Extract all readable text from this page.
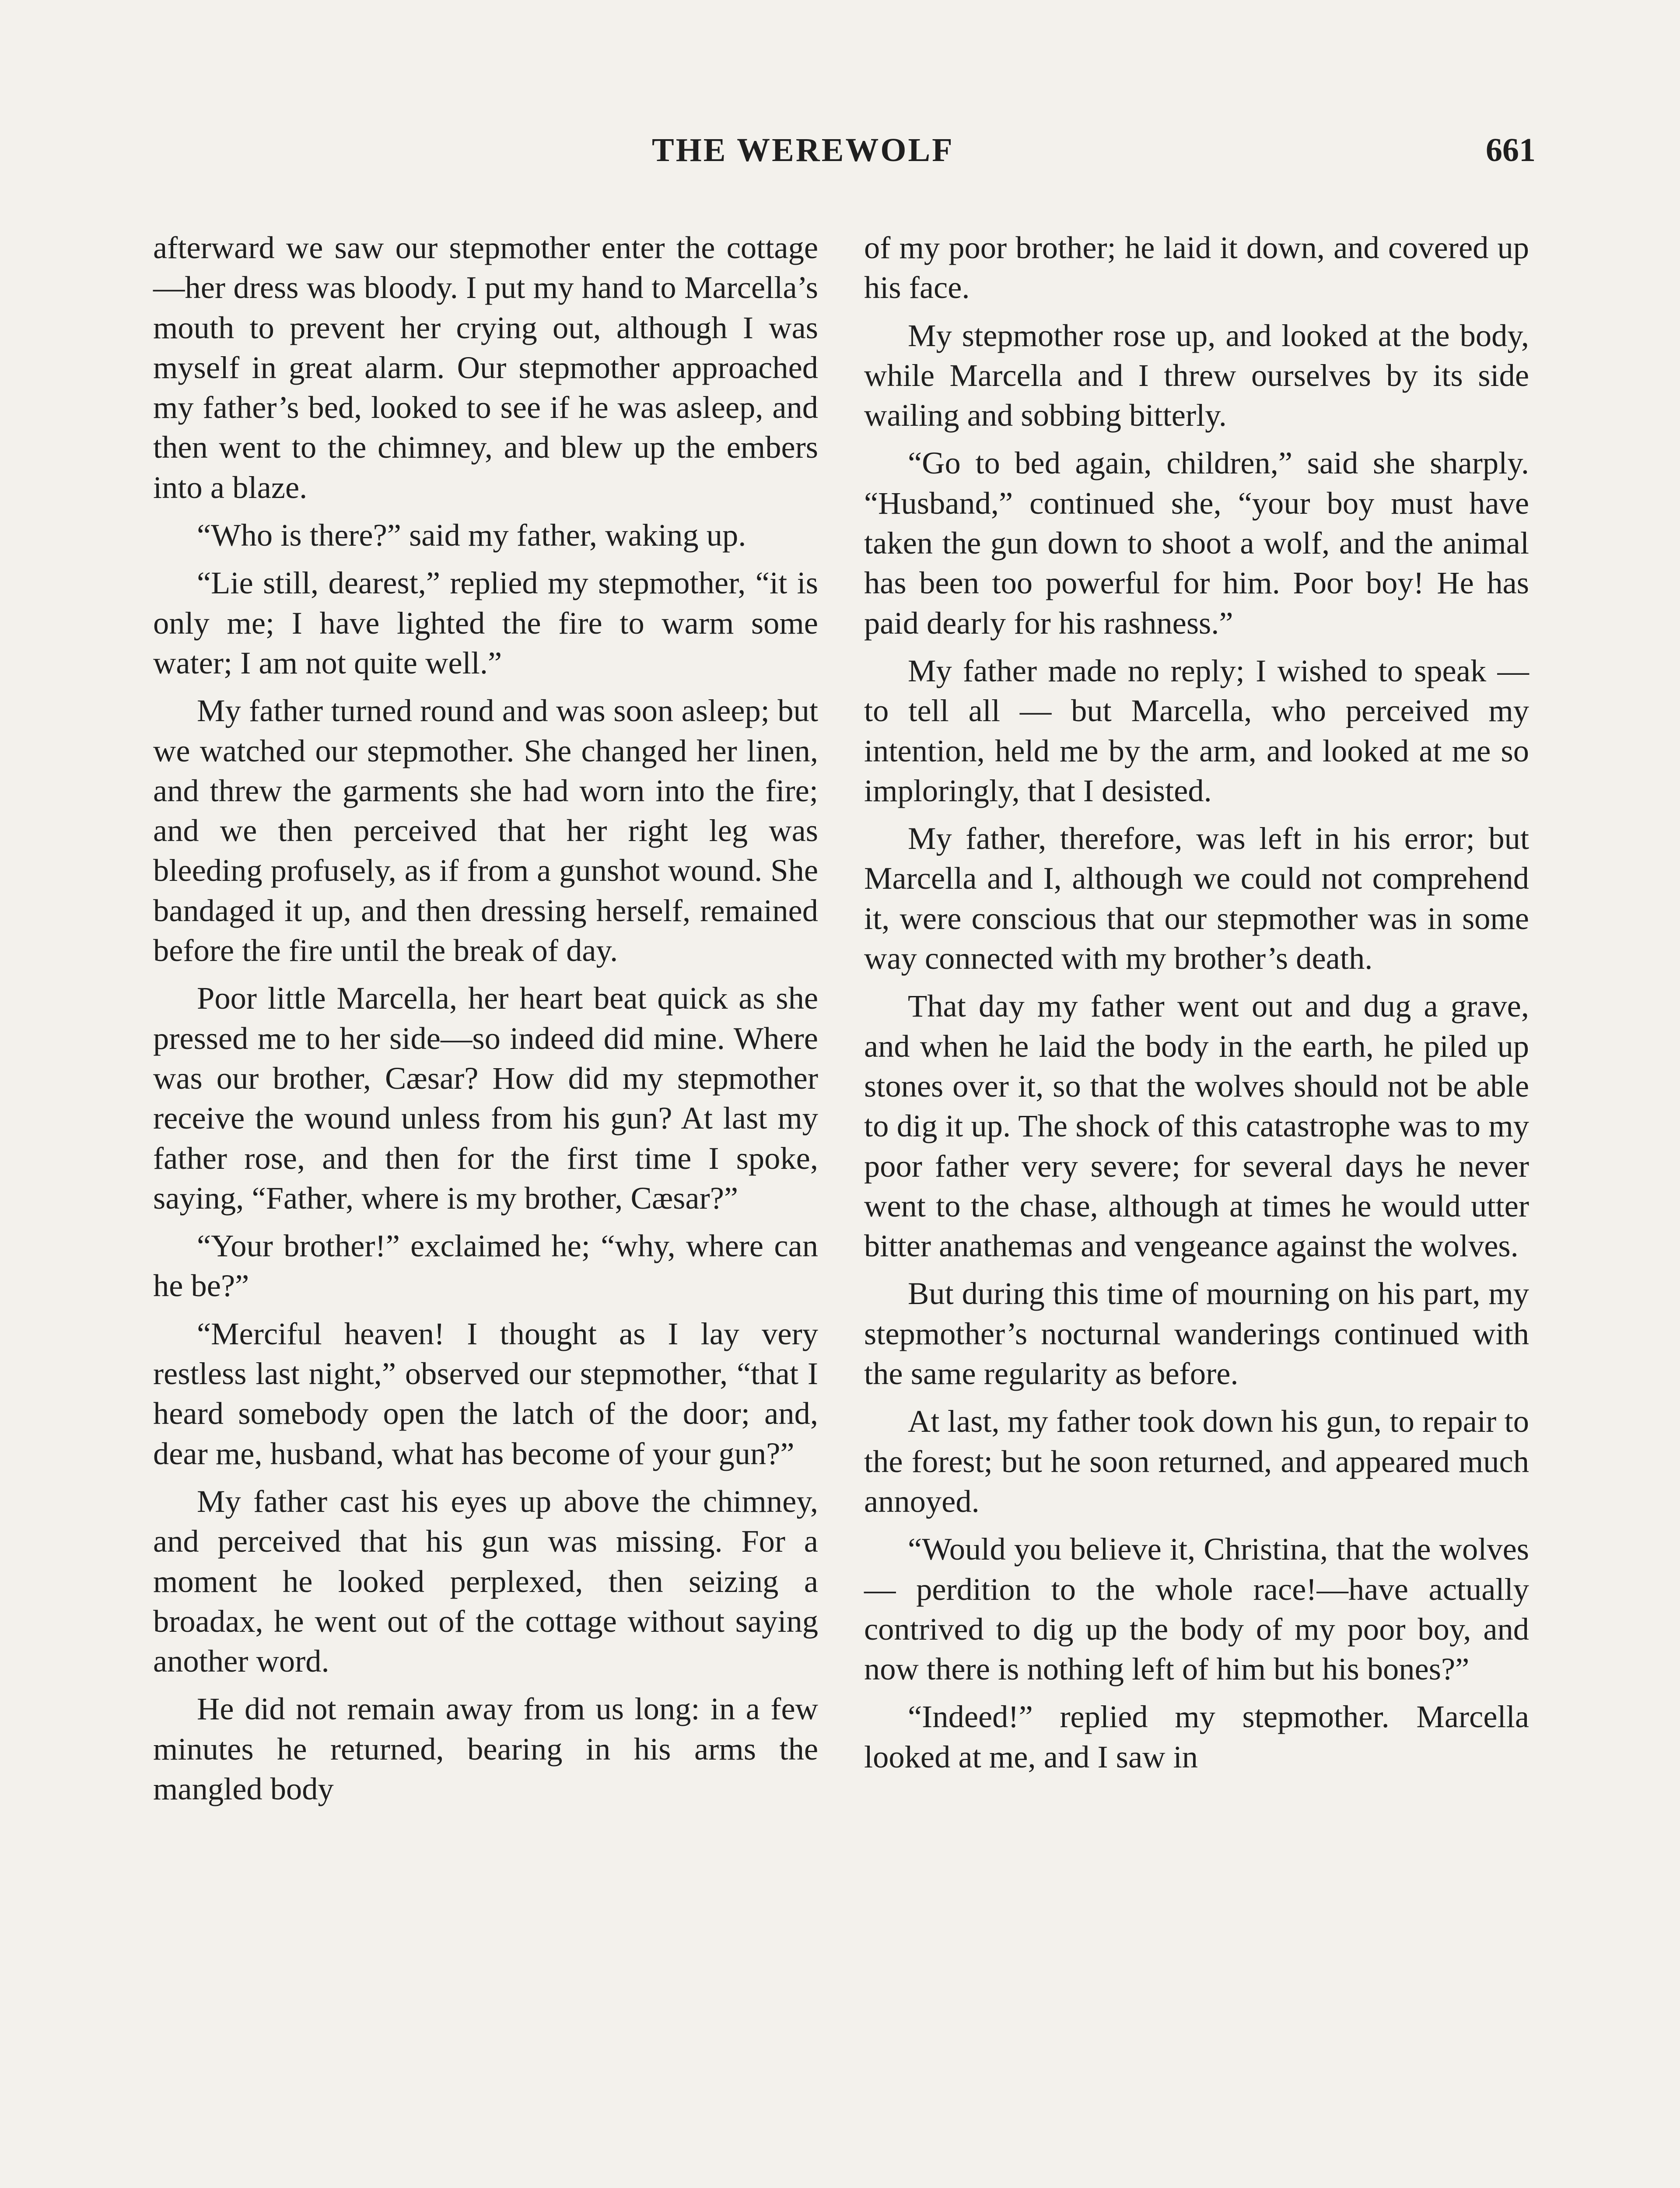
THE WEREWOLF	661

afterward we saw our stepmother enter the cottage—her dress was bloody. I put my hand to Marcella’s mouth to prevent her crying out, although I was myself in great alarm. Our stepmother approached my father’s bed, looked to see if he was asleep, and then went to the chimney, and blew up the embers into a blaze.

“Who is there?” said my father, waking up.

“Lie still, dearest,” replied my stepmother, “it is only me; I have lighted the fire to warm some water; I am not quite well.”

My father turned round and was soon asleep; but we watched our stepmother. She changed her linen, and threw the garments she had worn into the fire; and we then perceived that her right leg was bleeding profusely, as if from a gunshot wound. She bandaged it up, and then dressing herself, remained before the fire until the break of day.

Poor little Marcella, her heart beat quick as she pressed me to her side—so indeed did mine. Where was our brother, Cæsar? How did my stepmother receive the wound unless from his gun? At last my father rose, and then for the first time I spoke, saying, “Father, where is my brother, Cæsar?”

“Your brother!” exclaimed he; “why, where can he be?”

“Merciful heaven! I thought as I lay very restless last night,” observed our stepmother, “that I heard somebody open the latch of the door; and, dear me, husband, what has become of your gun?”

My father cast his eyes up above the chimney, and perceived that his gun was missing. For a moment he looked perplexed, then seizing a broadax, he went out of the cottage without saying another word.

He did not remain away from us long: in a few minutes he returned, bearing in his arms the mangled body

of my poor brother; he laid it down, and covered up his face.

My stepmother rose up, and looked at the body, while Marcella and I threw ourselves by its side wailing and sobbing bitterly.

“Go to bed again, children,” said she sharply. “Husband,” continued she, “your boy must have taken the gun down to shoot a wolf, and the animal has been too powerful for him. Poor boy! He has paid dearly for his rashness.”

My father made no reply; I wished to speak — to tell all — but Marcella, who perceived my intention, held me by the arm, and looked at me so imploringly, that I desisted.

My father, therefore, was left in his error; but Marcella and I, although we could not comprehend it, were conscious that our stepmother was in some way connected with my brother’s death.

That day my father went out and dug a grave, and when he laid the body in the earth, he piled up stones over it, so that the wolves should not be able to dig it up. The shock of this catastrophe was to my poor father very severe; for several days he never went to the chase, although at times he would utter bitter anathemas and vengeance against the wolves.

But during this time of mourning on his part, my stepmother’s nocturnal wanderings continued with the same regularity as before.

At last, my father took down his gun, to repair to the forest; but he soon returned, and appeared much annoyed.

“Would you believe it, Christina, that the wolves — perdition to the whole race!—have actually contrived to dig up the body of my poor boy, and now there is nothing left of him but his bones?”

“Indeed!” replied my stepmother. Marcella looked at me, and I saw in
